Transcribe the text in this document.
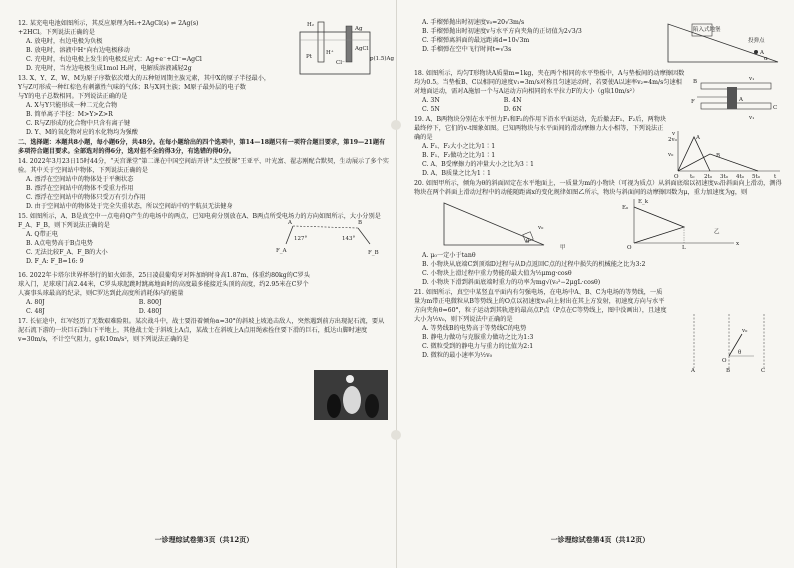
12. 某充电电池如图所示，其反应原理为H₂+2AgCl(s) ⇌ 2Ag(s)

+2HCl。下列说法正确的是

A. 放电时，右边电极为负极

B. 放电时，溶液中H⁺向右边电极移动

C. 充电时，右边电极上发生的电极反应式：Ag+e⁻+Cl⁻=AgCl

D. 充电时，当左边电极生成1mol H₂时，电解质溶液减轻2g

H₂
Pt
Ag
AgCl
H⁺
Cl⁻
p(1.5)Ag

13. X、Y、Z、W、M为原子序数依次增大的五种短周期主族元素，其中X的原子半径最小，

Y与Z可形成一种红棕色有刺激性气味的气体；R与X同主族；M原子最外层的电子数

与Y的电子总数相同。下列说法正确的是

A. X与Y只能形成一种二元化合物

B. 简单离子半径：M>Y>Z>R

C. R与Z形成的化合物中只含有离子键

D. Y、M的氧化物对应的水化物均为强酸

二、选择题：本题共8小题，每小题6分，共48分。在每小题给出的四个选项中，第14—18题只有一项符合题目要求，第19—21题有多项符合题目要求。全部选对的得6分，选对但不全的得3分，有选错的得0分。

14. 2022年3月23日15时44分，“天宫课堂”第二课在中国空间站开讲“太空授课”王亚平、叶光富、翟志刚配合默契，生动展示了多个实验。其中关于空间站中物体，下列说法正确的是

A. 漂浮在空间站中的物体处于平衡状态

B. 漂浮在空间站中的物体不受重力作用

C. 漂浮在空间站中的物体只受万有引力作用

D. 由于空间站中的物体处于完全失重状态，所以空间站中的宇航员无法健身

15. 如图所示，A、B是真空中一点电荷Q产生的电场中的两点，已知电荷分别放在A、B两点所受电场力的方向如图所示，大小分别是F_A、F_B，则下列说法正确的是

A. Q带正电

B. A点电势高于B点电势

C. 无法比较F_A、F_B的大小

D. F_A: F_B=16: 9

A	B
127°	143°
F_A	F_B

16. 2022年卡塔尔世界杯举行的如火如荼，25日凌晨葡萄牙对阵加纳时身高1.87m、体重约80kg的C罗头球入门，足球球门高2.44米，C罗头球起跳时跳离地面时的高度最多能接近头顶的高度，约2.95米在C罗个人赛事头球最高的纪录，则C罗达到此高度所消耗体内的能量

A. 80J	B. 800J

C. 48J	D. 480J

17. 长征途中，红军经历了无数艰难险阻。某次战斗中，战士要沿着倾角α=30°的斜坡上坡追击敌人，突然遇到前方出现泥石流，要从泥石流下游的一块巨石到山下平地上，其他战士处于斜坡上A点，某战士在斜坡上A点用绳索拴住要下滑的巨石，抵达山脚时速度v=30m/s，不计空气阻力，g取10m/s²，则下列说法正确的是

一诊理综试卷第3页（共12页）

A. 手榴弹抛出时初速度v₀=20√3m/s

B. 手榴弹抛出时初速度v与水平方向夹角的正切值为2√3/3

C. 手榴弹离斜面的最远距离d=10√3m

D. 手榴弹在空中飞行时间t=√3s

陷入式地堡
投弹点
A
α

18. 如图所示，均匀T形物块A质量m=1kg，夹在两个相同的水平垫板中，A与垫板间的动摩擦因数均为0.5。当垫板B、C以相同的速度v₁=3m/s对称且匀速运动时，若要使A以速率v₂=4m/s匀速相对地面运动，需对A施加一个与A运动方向相同的水平拉力F的大小（g取10m/s²）

A. 3N	B. 4N

C. 5N	D. 6N

B
C
A
F
v₁
v₁

19. A、B两物块分别在水平恒力F₁和F₂的作用下沿水平面运动，先后撤去F₁、F₂后，两物块最终停下，它们的v-t图象如图。已知两物块与水平面间的滑动摩擦力大小相等，下列说法正确的是

A. F₁、F₂大小之比为1∶1

B. F₁、F₂做功之比为1∶1

C. A、B受摩擦力的冲量大小之比为3∶1

D. A、B质量之比为1∶1

v
2v₀
v₀
O t₀ 2t₀ 3t₀ 4t₀ 5t₀	t
A
B

20. 如图甲所示，倾角为θ的斜面固定在水平地面上，一质量为m的小物块（可视为质点）从斜面底端以初速度v₀沿斜面向上滑动，测得物块在两个斜面上滑动过程中的动能随距离x的变化规律如图乙所示，物块与斜面间的动摩擦因数为μ，重力加速度为g，则

v₀
θ
甲
E_k
E₀
O	L
x
乙

A. μ₀一定小于tanθ

B. 小物块从底端C到顶端D过程与从D点返回C点的过程中损失的机械能之比为3:2

C. 小物块上滑过程中重力势能的最大值为½μmg·cosθ

D. 小物块下滑到斜面底端时重力的功率为mg√(v₀²−2μgL·cosθ)

21. 如图所示，真空中某竖直平面内有匀强电场，在电场中A、B、C为电场的等势线，一质量为m带正电微粒从B等势线上的O点以初速度v₀向上射出在其上方发射，初速度方向与水平方向夹角θ=60°，粒子运动到其轨迹的最高点P点（P点在C等势线上，图中没画出），且速度大小为½v₀，则下列说法中正确的是

A. 等势线B的电势高于等势线C的电势

B. 静电力做功与克服重力做功之比为1:3

C. 微粒受到的静电力与重力的比值为2:1

D. 微粒的最小速率为½v₀

A	B	C
O
v₀
θ
一诊理综试卷第4页（共12页）
